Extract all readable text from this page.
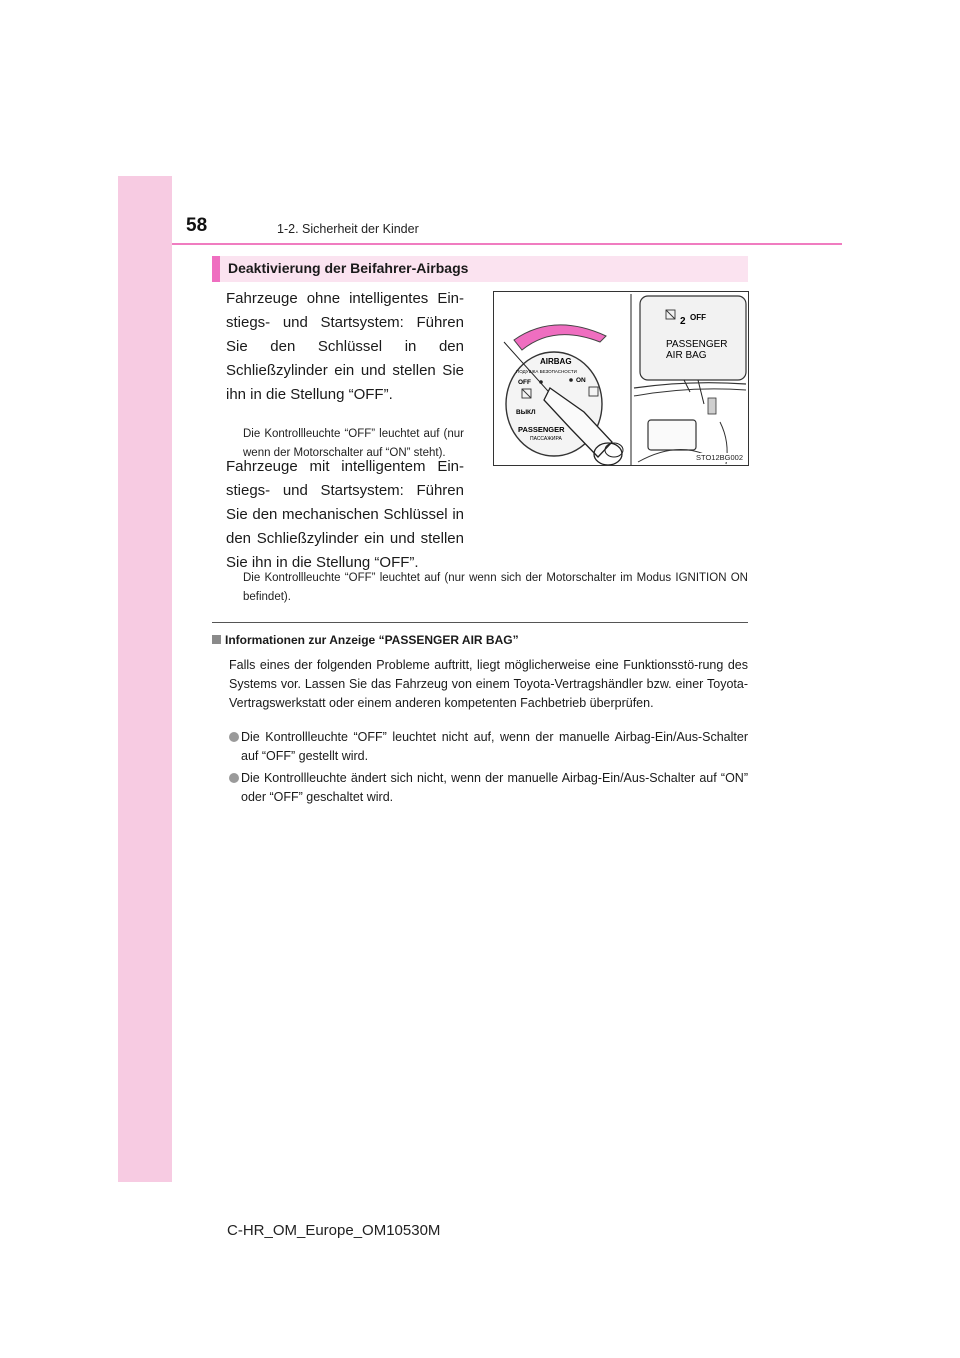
58	1-2. Sicherheit der Kinder
Deaktivierung der Beifahrer-Airbags

Fahrzeuge ohne intelligentes Ein-stiegs- und Startsystem: Führen Sie den Schlüssel in den Schließzylinder ein und stellen Sie ihn in die Stellung “OFF”.

Die Kontrollleuchte “OFF” leuchtet auf (nur wenn der Motorschalter auf “ON” steht).

Fahrzeuge mit intelligentem Ein-stiegs- und Startsystem: Führen Sie den mechanischen Schlüssel in den Schließzylinder ein und stellen Sie ihn in die Stellung “OFF”.

Die Kontrollleuchte “OFF” leuchtet auf (nur wenn sich der Motorschalter im Modus IGNITION ON befindet).

AIRBAG
ПОДУШКА БЕЗОПАСНОСТИ
OFF	ON
ВЫКЛ
PASSENGER
ПАССАЖИРА
2 OFF
PASSENGER
AIR BAG
STO12BG002
Informationen zur Anzeige “PASSENGER AIR BAG”

Falls eines der folgenden Probleme auftritt, liegt möglicherweise eine Funktionsstö-rung des Systems vor. Lassen Sie das Fahrzeug von einem Toyota-Vertragshändler bzw. einer Toyota-Vertragswerkstatt oder einem anderen kompetenten Fachbetrieb überprüfen.

Die Kontrollleuchte “OFF” leuchtet nicht auf, wenn der manuelle Airbag-Ein/Aus-Schalter auf “OFF” gestellt wird.
Die Kontrollleuchte ändert sich nicht, wenn der manuelle Airbag-Ein/Aus-Schalter auf “ON” oder “OFF” geschaltet wird.
C-HR_OM_Europe_OM10530M
